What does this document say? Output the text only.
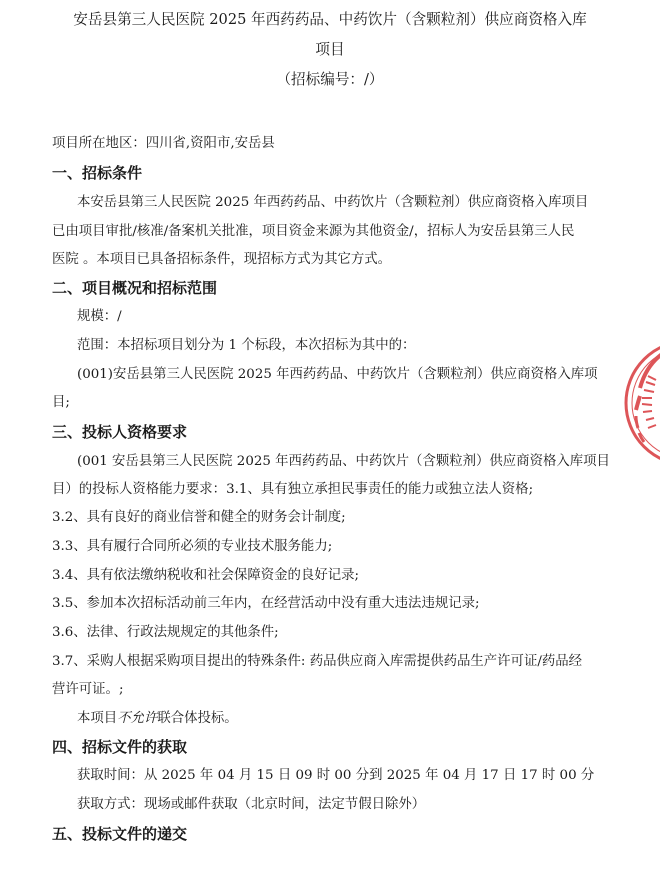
安岳县第三人民医院 2025 年西药药品、中药饮片（含颗粒剂）供应商资格入库
项目
（招标编号：/）
项目所在地区：四川省,资阳市,安岳县
一、招标条件
本安岳县第三人民医院 2025 年西药药品、中药饮片（含颗粒剂）供应商资格入库项目
已由项目审批/核准/备案机关批准，项目资金来源为其他资金/，招标人为安岳县第三人民
医院 。本项目已具备招标条件，现招标方式为其它方式。
二、项目概况和招标范围
规模：/
范围：本招标项目划分为 1 个标段，本次招标为其中的：
(001)安岳县第三人民医院 2025 年西药药品、中药饮片（含颗粒剂）供应商资格入库项
目;
三、投标人资格要求
(001 安岳县第三人民医院 2025 年西药药品、中药饮片（含颗粒剂）供应商资格入库项目
目）的投标人资格能力要求：3.1、具有独立承担民事责任的能力或独立法人资格;
3.2、具有良好的商业信誉和健全的财务会计制度;
3.3、具有履行合同所必须的专业技术服务能力;
3.4、具有依法缴纳税收和社会保障资金的良好记录;
3.5、参加本次招标活动前三年内，在经营活动中没有重大违法违规记录;
3.6、法律、行政法规规定的其他条件;
3.7、采购人根据采购项目提出的特殊条件: 药品供应商入库需提供药品生产许可证/药品经
营许可证。;
本项目不允许联合体投标。
四、招标文件的获取
获取时间：从 2025 年 04 月 15 日 09 时 00 分到 2025 年 04 月 17 日 17 时 00 分
获取方式：现场或邮件获取（北京时间，法定节假日除外）
五、投标文件的递交
